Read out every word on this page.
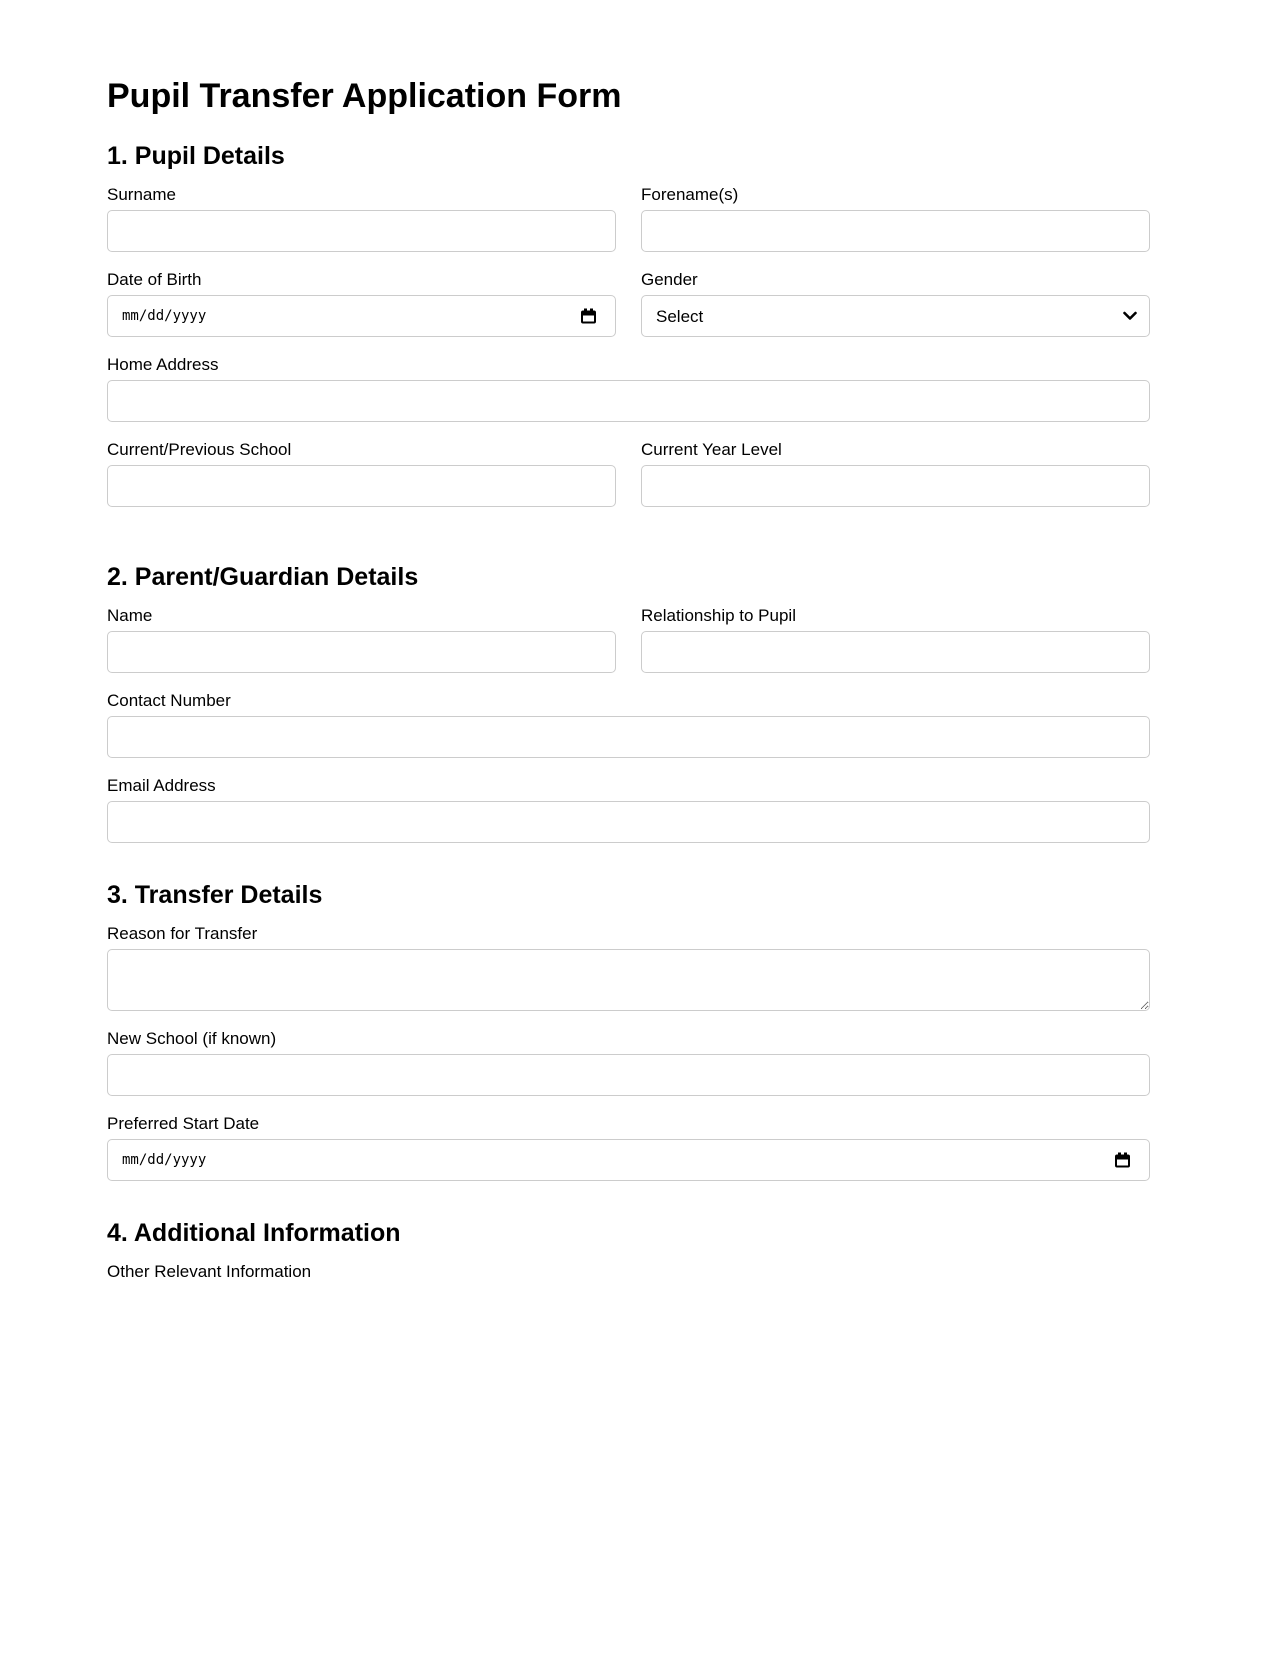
Pupil Transfer Application Form
1. Pupil Details
Surname	Forename(s)
Date of Birth
mm/dd/yyyy
Gender
Select
Home Address
Current/Previous School	Current Year Level
2. Parent/Guardian Details
Name	Relationship to Pupil
Contact Number
Email Address
3. Transfer Details
Reason for Transfer
New School (if known)
Preferred Start Date
mm/dd/yyyy
4. Additional Information
Other Relevant Information
